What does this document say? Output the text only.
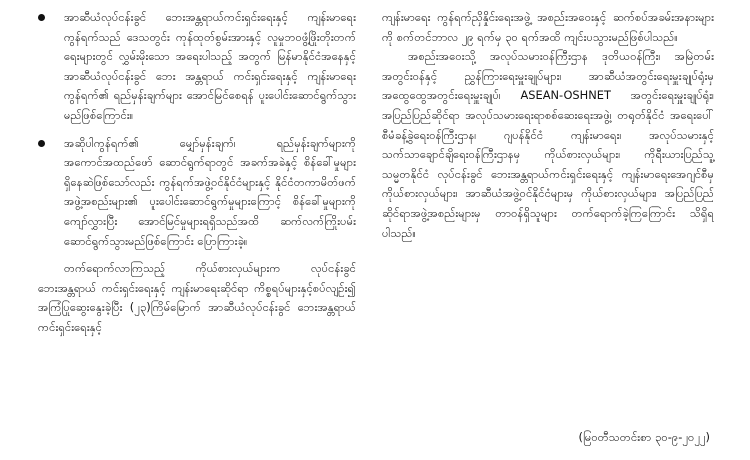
အာဆီယံလုပ်ငန်းခွင် ဘေးအန္တရာယ်ကင်းရှင်းရေးနှင့် ကျန်းမာရေးကွန်ရက်သည် ဒေသတွင်း ကုန်ထုတ်စွမ်းအားနှင့် လူမှုဘဝဖွံ့ဖြိုးတိုးတက်ရေးများတွင် လွှမ်းမိုးသော အရေးပါသည့် အတွက် မြန်မာနိုင်ငံအနေနှင့် အာဆီယံလုပ်ငန်းခွင် ဘေး အန္တရာယ် ကင်းရှင်းရေးနှင့် ကျန်းမာရေးကွန်ရက်၏ ရည်မှန်းချက်များ အောင်မြင်စေရန် ပူးပေါင်းဆောင်ရွက်သွားမည်ဖြစ်ကြောင်း။

အဆိုပါကွန်ရက်၏ မျှော်မှန်းချက်၊ ရည်မှန်းချက်များကို အကောင်အထည်ဖော် ဆောင်ရွက်ရာတွင် အခက်အခဲနှင့် စိန်ခေါ်မှုများ ရှိနေဆဲဖြစ်သော်လည်း ကွန်ရက်အဖွဲ့ဝင်နိုင်ငံများနှင့် နိုင်ငံတကာမိတ်ဖက်အဖွဲ့အစည်းများ၏ ပူးပေါင်းဆောင်ရွက်မှုများကြောင့် စိန်ခေါ်မှုများကို ကျော်လွှားပြီး အောင်မြင်မှုများရရှိသည်အထိ ဆက်လက်ကြိုးပမ်းဆောင်ရွက်သွားမည်ဖြစ်ကြောင်း ပြောကြားခဲ့။

တက်ရောက်လာကြသည့် ကိုယ်စားလှယ်များက လုပ်ငန်းခွင်ဘေးအန္တရာယ် ကင်းရှင်းရေးနှင့် ကျန်းမာရေးဆိုင်ရာ ကိစ္စရပ်များနှင့်စပ်လျဉ်း၍ အကြံပြုဆွေးနွေးခဲ့ပြီး (၂၃)ကြိမ်မြောက် အာဆီယံလုပ်ငန်းခွင် ဘေးအန္တရာယ်ကင်းရှင်းရေးနှင့်

ကျန်းမာရေး ကွန်ရက်ညှိနှိုင်းရေးအဖွဲ့ အစည်းအဝေးနှင့် ဆက်စပ်အခမ်းအနားများကို စက်တင်ဘာလ ၂၉ ရက်မှ ၃၀ ရက်အထိ ကျင်းပသွားမည်ဖြစ်ပါသည်။

အစည်းအဝေးသို့ အလုပ်သမားဝန်ကြီးဌာန ဒုတိယဝန်ကြီး၊ အမြဲတမ်းအတွင်းဝန်နှင့် ညွှန်ကြားရေးမှူးချုပ်များ၊ အာဆီယံအတွင်းရေးမှူးချုပ်ရုံးမှ အထွေထွေအတွင်းရေးမှူးချုပ်၊ ASEAN-OSHNET အတွင်းရေးမှူးချုပ်ရုံး၊ အပြည်ပြည်ဆိုင်ရာ အလုပ်သမားရေးရာစစ်ဆေးရေးအဖွဲ့၊ တရုတ်နိုင်ငံ အရေးပေါ်စီမံခန့်ခွဲရေးဝန်ကြီးဌာန၊ ဂျပန်နိုင်ငံ ကျန်းမာရေး၊ အလုပ်သမားနှင့် သက်သာချောင်ချိရေးဝန်ကြီးဌာနမှ ကိုယ်စားလှယ်များ၊ ကိုရီးယားပြည်သူ့သမ္မတနိုင်ငံ လုပ်ငန်းခွင် ဘေးအန္တရာယ်ကင်းရှင်းရေးနှင့် ကျန်းမာရေးအေဂျင်စီမှ ကိုယ်စားလှယ်များ၊ အာဆီယံအဖွဲ့ဝင်နိုင်ငံများမှ ကိုယ်စားလှယ်များ၊ အပြည်ပြည်ဆိုင်ရာအဖွဲ့အစည်းများမှ တာဝန်ရှိသူများ တက်ရောက်ခဲ့ကြကြောင်း သိရှိရပါသည်။

(မြဝတီသတင်းစာ ၃၀-၉-၂၀၂၂)
